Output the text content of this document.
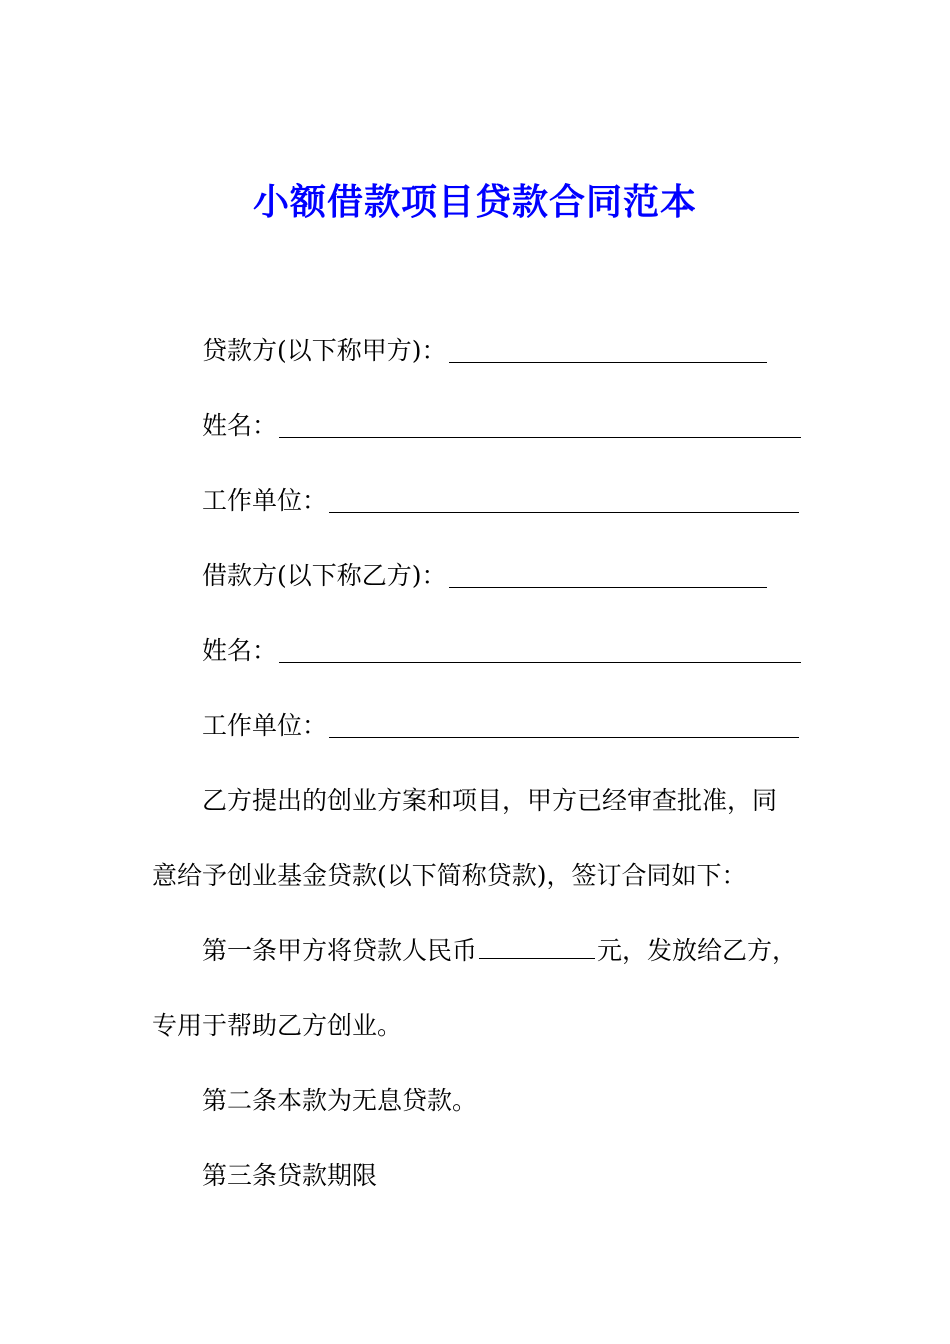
小额借款项目贷款合同范本
贷款方(以下称甲方)：
姓名：
工作单位：
借款方(以下称乙方)：
姓名：
工作单位：
乙方提出的创业方案和项目，甲方已经审查批准，同
意给予创业基金贷款(以下简称贷款)，签订合同如下：
第一条甲方将贷款人民币	元，发放给乙方，
专用于帮助乙方创业。
第二条本款为无息贷款。
第三条贷款期限
